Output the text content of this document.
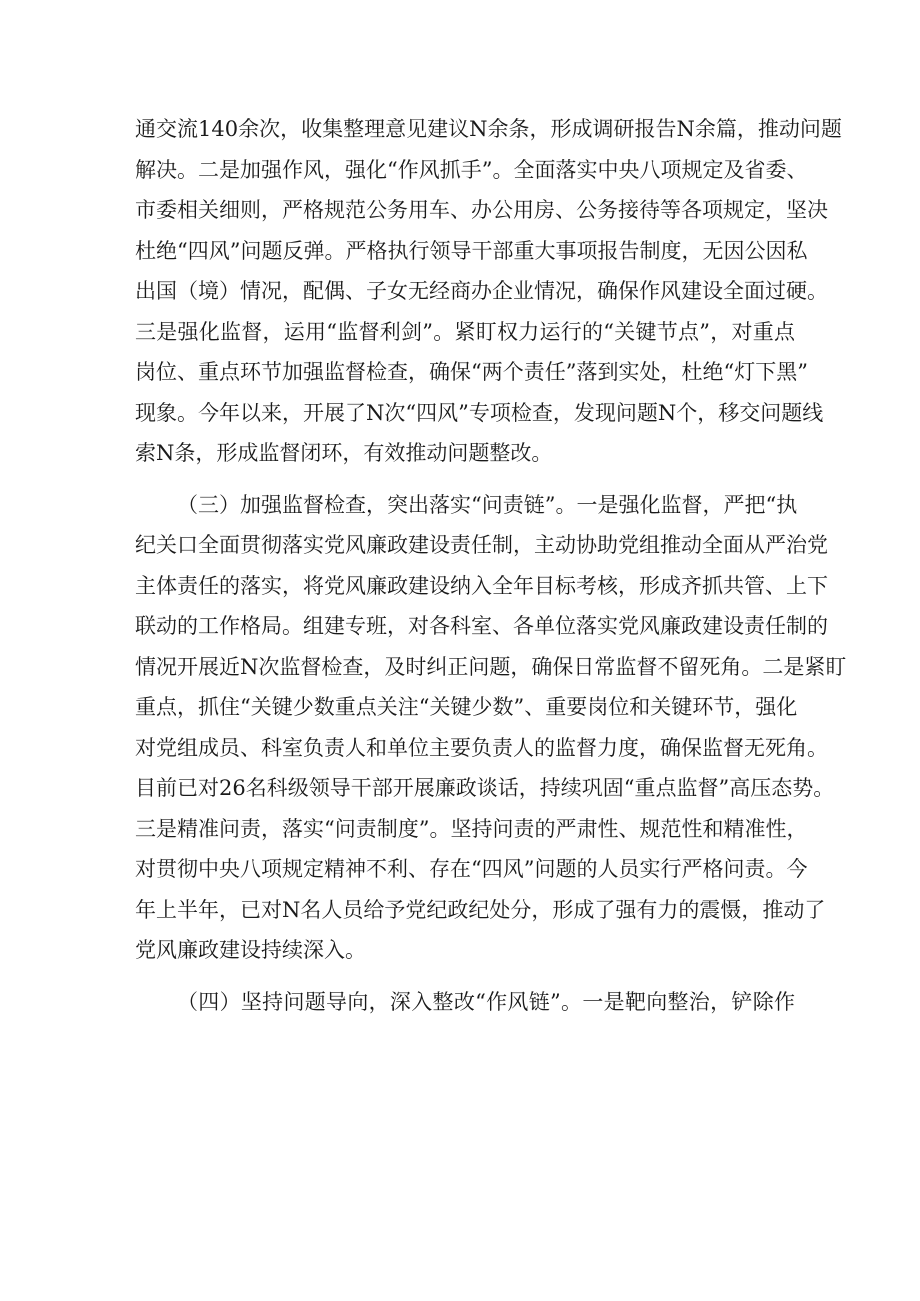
通交流140余次，收集整理意见建议N余条，形成调研报告N余篇，推动问题
解决。二是加强作风，强化“作风抓手”。全面落实中央八项规定及省委、
市委相关细则，严格规范公务用车、办公用房、公务接待等各项规定，坚决
杜绝“四风”问题反弹。严格执行领导干部重大事项报告制度，无因公因私
出国（境）情况，配偶、子女无经商办企业情况，确保作风建设全面过硬。
三是强化监督，运用“监督利剑”。紧盯权力运行的“关键节点”，对重点
岗位、重点环节加强监督检查，确保“两个责任”落到实处，杜绝“灯下黑”
现象。今年以来，开展了N次“四风”专项检查，发现问题N个，移交问题线
索N条，形成监督闭环，有效推动问题整改。
（三）加强监督检查，突出落实“问责链”。一是强化监督，严把“执
纪关口全面贯彻落实党风廉政建设责任制，主动协助党组推动全面从严治党
主体责任的落实，将党风廉政建设纳入全年目标考核，形成齐抓共管、上下
联动的工作格局。组建专班，对各科室、各单位落实党风廉政建设责任制的
情况开展近N次监督检查，及时纠正问题，确保日常监督不留死角。二是紧盯
重点，抓住“关键少数重点关注“关键少数”、重要岗位和关键环节，强化
对党组成员、科室负责人和单位主要负责人的监督力度，确保监督无死角。
目前已对26名科级领导干部开展廉政谈话，持续巩固“重点监督”高压态势。
三是精准问责，落实“问责制度”。坚持问责的严肃性、规范性和精准性，
对贯彻中央八项规定精神不利、存在“四风”问题的人员实行严格问责。今
年上半年，已对N名人员给予党纪政纪处分，形成了强有力的震慑，推动了
党风廉政建设持续深入。
（四）坚持问题导向，深入整改“作风链”。一是靶向整治，铲除作
